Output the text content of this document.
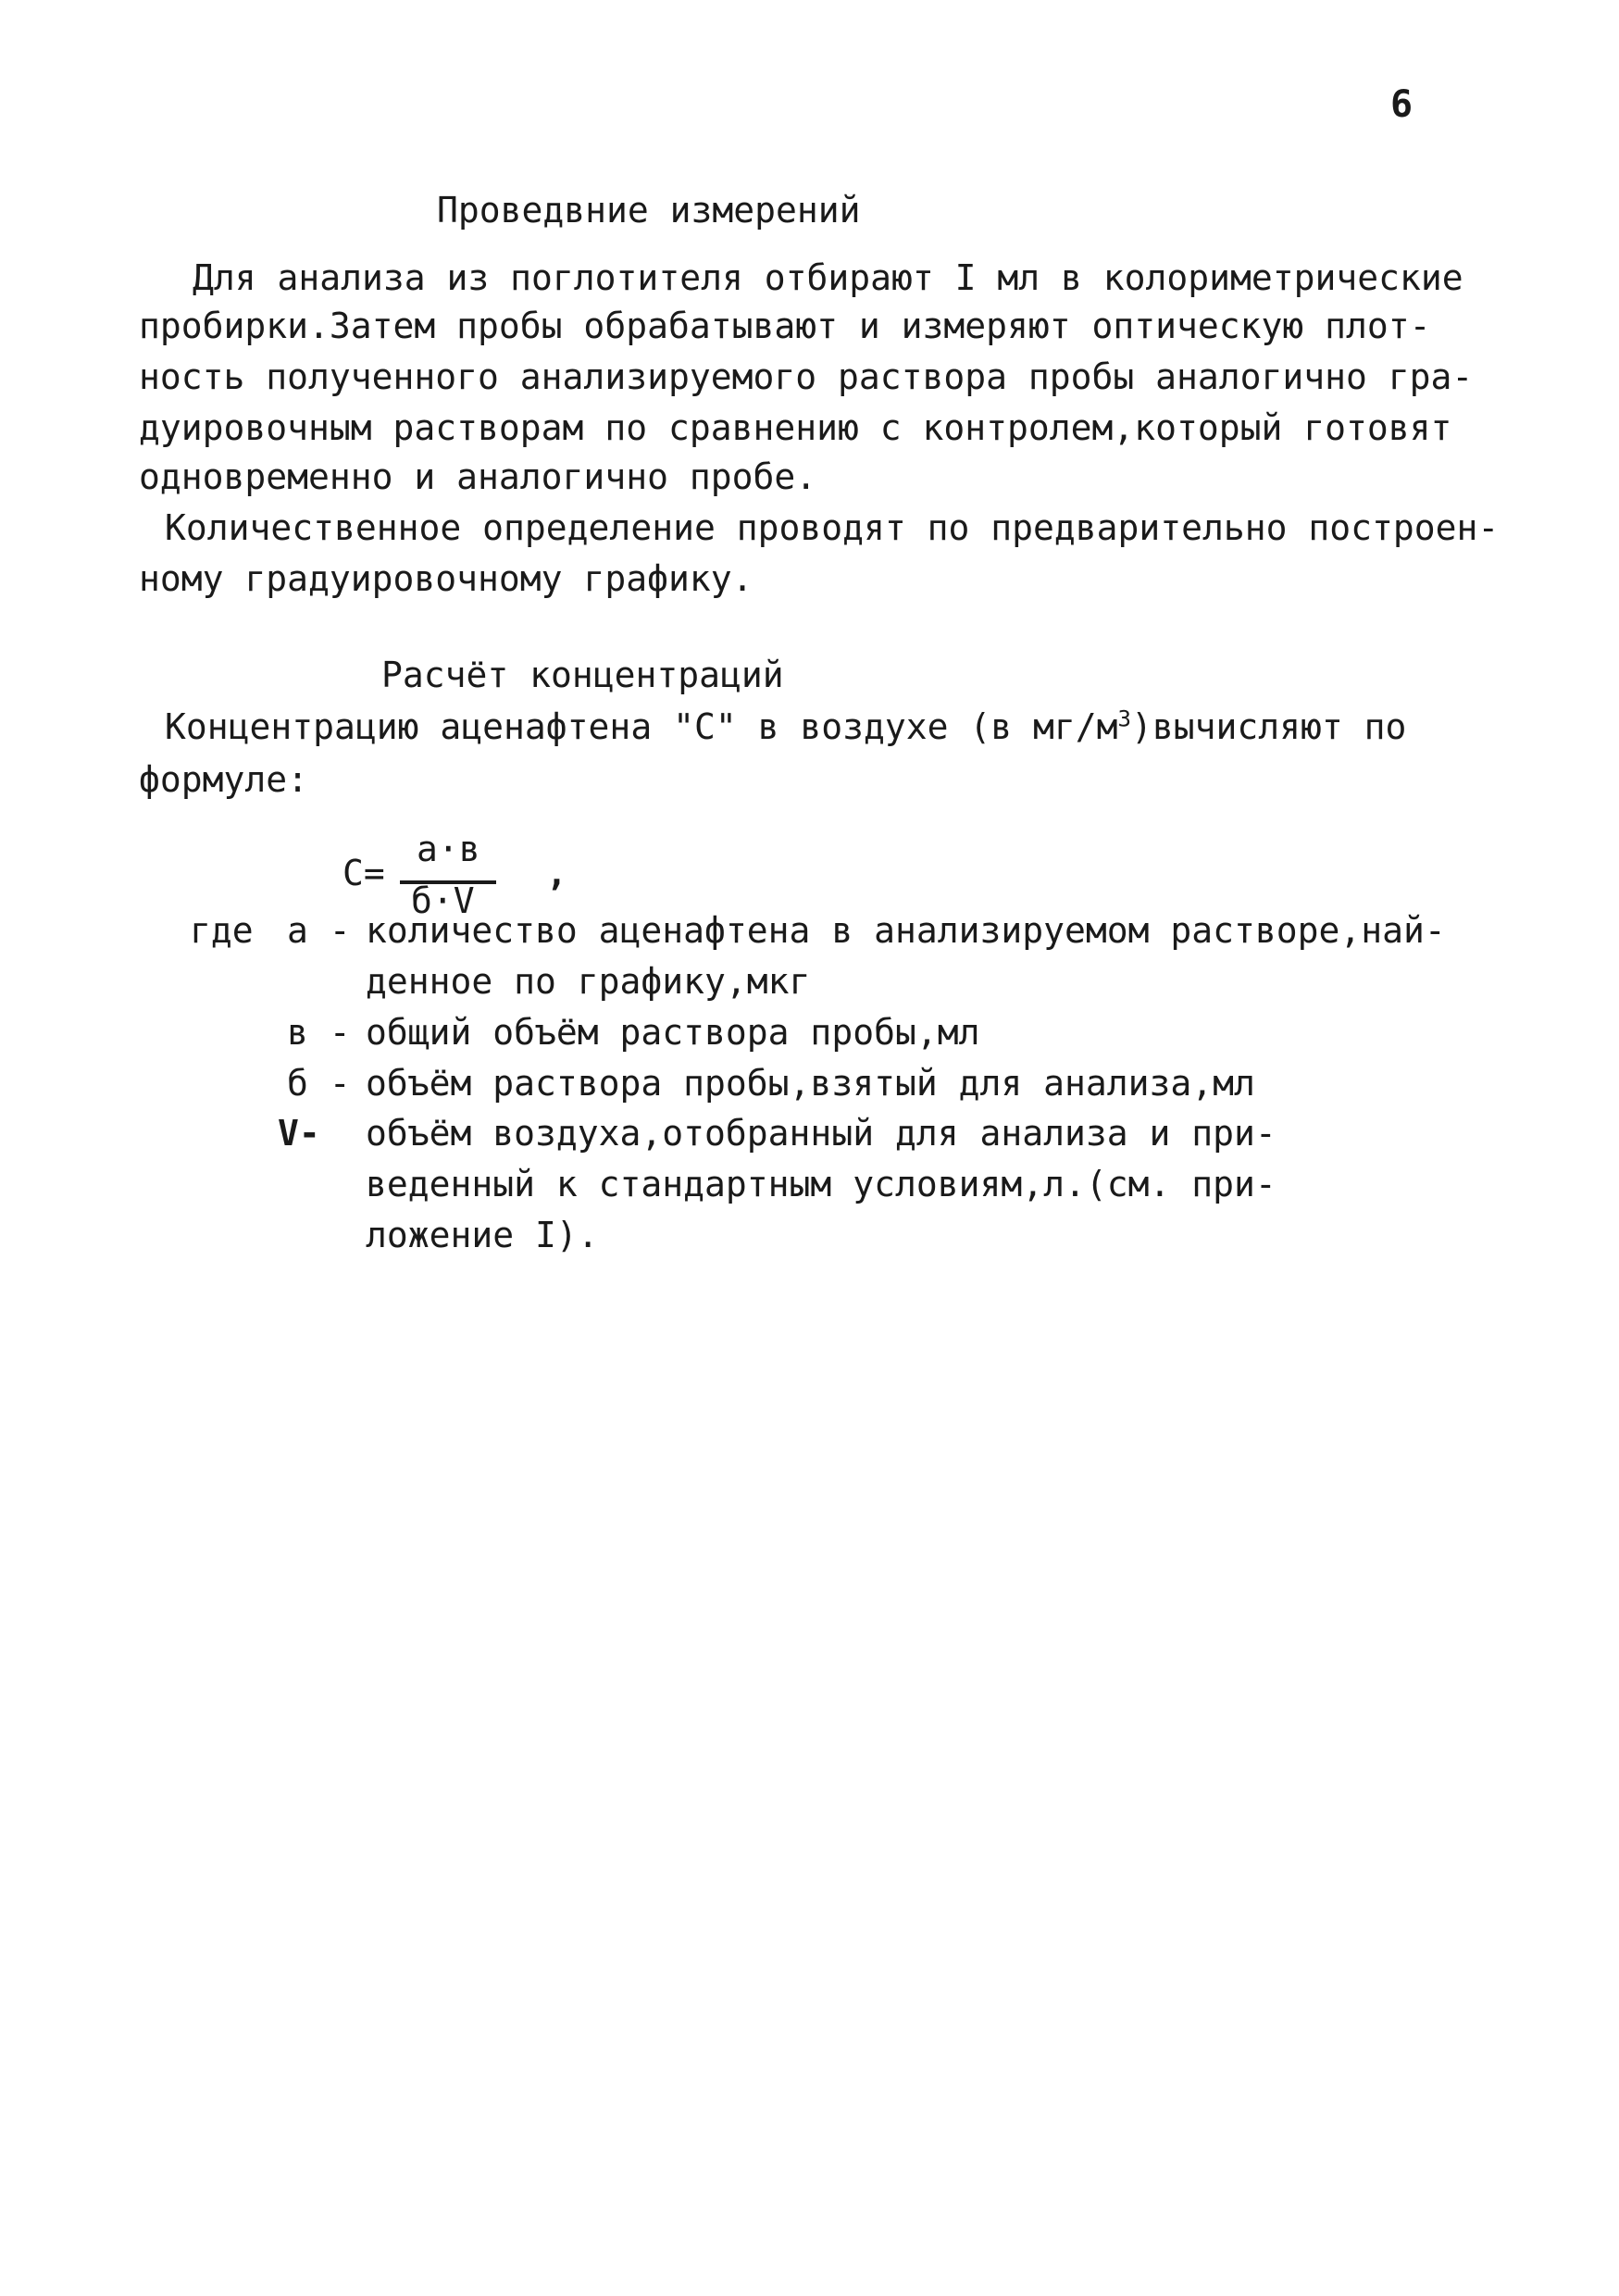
6
Проведвние измерений
Для анализа из поглотителя отбирают I мл в колориметрические
пробирки.Затем пробы обрабатывают и измеряют оптическую плот-
ность полученного анализируемого раствора пробы аналогично гра-
дуировочным растворам по сравнению с контролем,который готовят
одновременно и аналогично пробе.
Количественное определение проводят по предварительно построен-
ному градуировочному графику.
Расчёт концентраций
Концентрацию аценафтена "С" в воздухе (в $мг/м^3)вычисляют$ по
формуле:
С=
а·в
б·V
,
где а - количество аценафтена в анализируемом растворе,най-
денное по графику,мкг
в - общий объём раствора пробы,мл
б - объём раствора пробы,взятый для анализа,мл
V- объём воздуха,отобранный для анализа и при-
веденный к стандартным условиям,л.(см. при-
ложение I).
